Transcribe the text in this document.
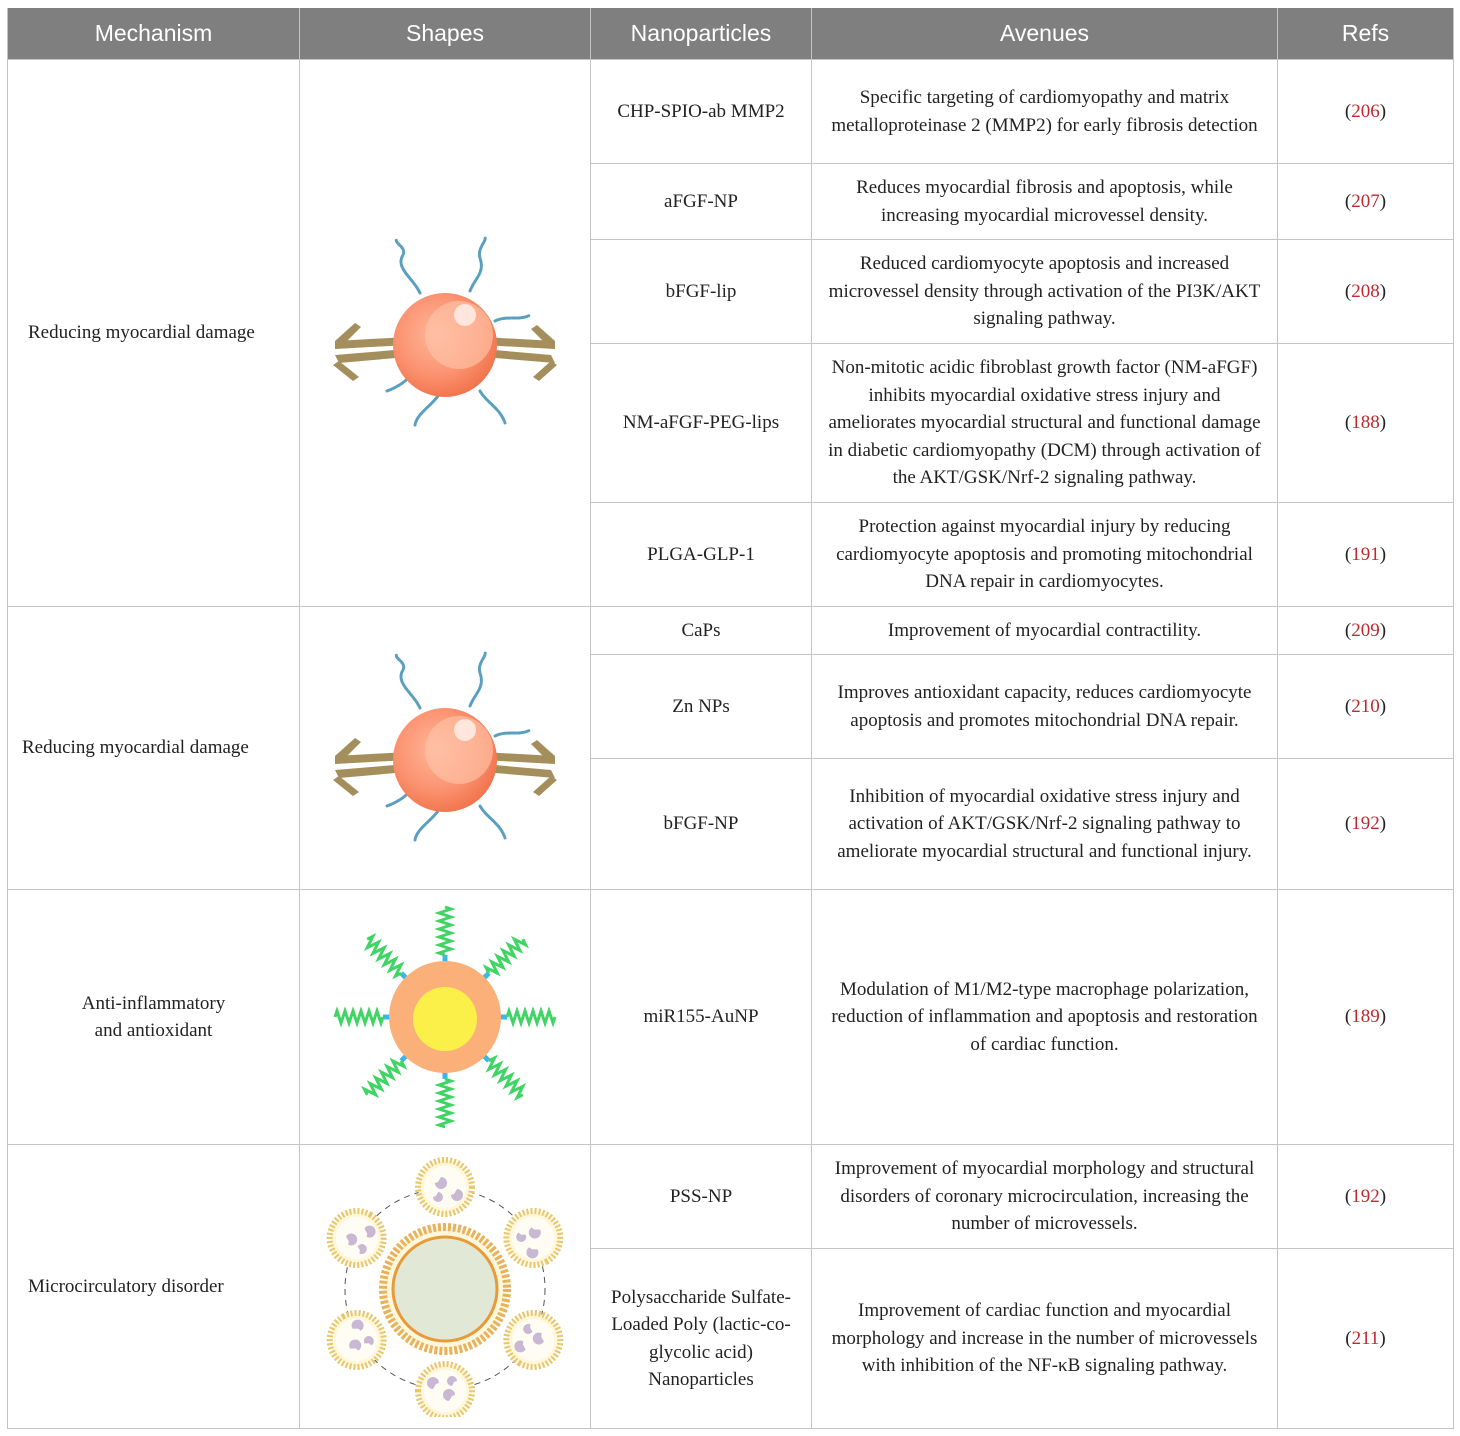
Mechanism	Shapes	Nanoparticles	Avenues	Refs
Reducing myocardial damage		CHP-SPIO-ab MMP2	Specific targeting of cardiomyopathy and matrix metalloproteinase 2 (MMP2) for early fibrosis detection	(206)
		aFGF-NP	Reduces myocardial fibrosis and apoptosis, while increasing myocardial microvessel density.	(207)
		bFGF-lip	Reduced cardiomyocyte apoptosis and increased microvessel density through activation of the PI3K/AKT signaling pathway.	(208)
		NM-aFGF-PEG-lips	Non-mitotic acidic fibroblast growth factor (NM-aFGF) inhibits myocardial oxidative stress injury and ameliorates myocardial structural and functional damage in diabetic cardiomyopathy (DCM) through activation of the AKT/GSK/Nrf-2 signaling pathway.	(188)
		PLGA-GLP-1	Protection against myocardial injury by reducing cardiomyocyte apoptosis and promoting mitochondrial DNA repair in cardiomyocytes.	(191)
Reducing myocardial damage		CaPs	Improvement of myocardial contractility.	(209)
		Zn NPs	Improves antioxidant capacity, reduces cardiomyocyte apoptosis and promotes mitochondrial DNA repair.	(210)
		bFGF-NP	Inhibition of myocardial oxidative stress injury and activation of AKT/GSK/Nrf-2 signaling pathway to ameliorate myocardial structural and functional injury.	(192)
Anti-inflammatory and antioxidant		miR155-AuNP	Modulation of M1/M2-type macrophage polarization, reduction of inflammation and apoptosis and restoration of cardiac function.	(189)
Microcirculatory disorder		PSS-NP	Improvement of myocardial morphology and structural disorders of coronary microcirculation, increasing the number of microvessels.	(192)
		Polysaccharide Sulfate-Loaded Poly (lactic-co-glycolic acid) Nanoparticles	Improvement of cardiac function and myocardial morphology and increase in the number of microvessels with inhibition of the NF-κB signaling pathway.	(211)
